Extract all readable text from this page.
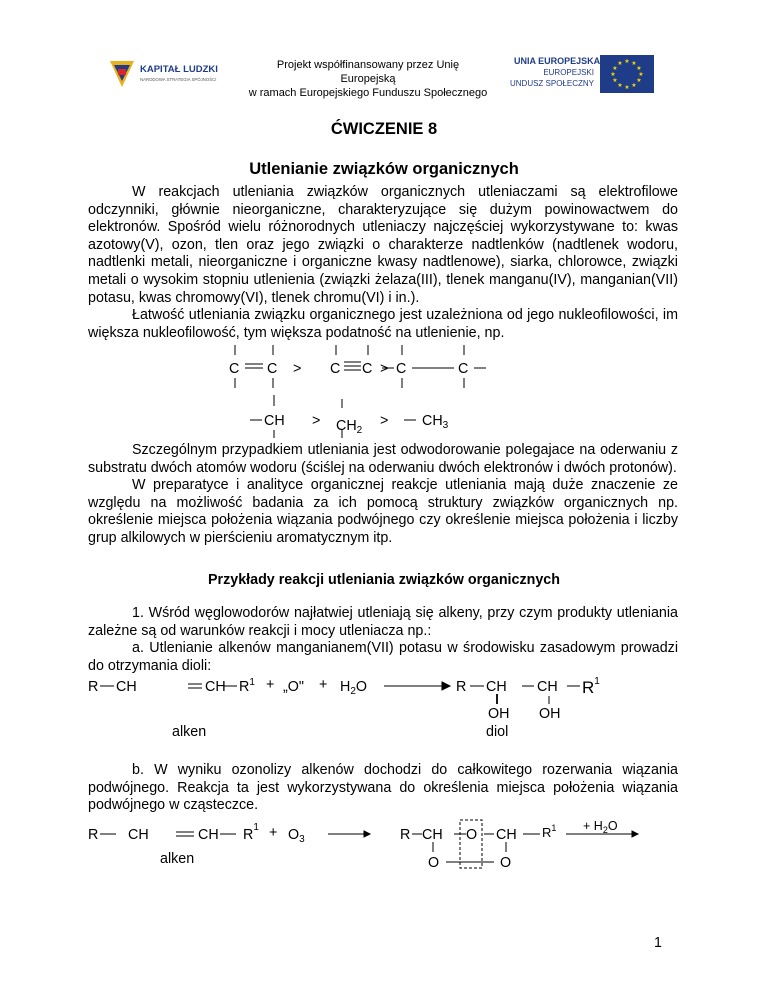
KAPITAŁ LUDZKI
NARODOWA STRATEGIA SPÓJNOŚCI
Projekt współfinansowany przez Unię Europejską
w ramach Europejskiego Funduszu Społecznego
UNIA EUROPEJSKA
EUROPEJSKI
FUNDUSZ SPOŁECZNY
★ ★
★
★
★
★
★
★
★
★
★
★
ĆWICZENIE 8
Utlenianie związków organicznych

W reakcjach utleniania związków organicznych utleniaczami są elektrofilowe odczynniki, głównie nieorganiczne, charakteryzujące się dużym powinowactwem do elektronów. Spośród wielu różnorodnych utleniaczy najczęściej wykorzystywane to: kwas azotowy(V), ozon, tlen oraz jego związki o charakterze nadtlenków (nadtlenek wodoru, nadtlenki metali, nieorganiczne i organiczne kwasy nadtlenowe), siarka, chlorowce, związki metali o wysokim stopniu utlenienia (związki żelaza(III), tlenek manganu(IV), manganian(VII) potasu, kwas chromowy(VI), tlenek chromu(VI) i in.).

Łatwość utleniania związku organicznego jest uzależniona od jego nukleofilowości, im większa nukleofilowość, tym większa podatność na utlenienie, np.

C C > C C > C	C
CH > $CH_2$
> $CH_3$

Szczególnym przypadkiem utleniania jest odwodorowanie polegajace na oderwaniu z substratu dwóch atomów wodoru (ściślej na oderwaniu dwóch elektronów i dwóch protonów).

W preparatyce i analityce organicznej reakcje utleniania mają duże znaczenie ze względu na możliwość badania za ich pomocą struktury związków organicznych np. określenie miejsca położenia wiązania podwójnego czy określenie miejsca położenia i liczby grup alkilowych w pierścieniu aromatycznym itp.

Przykłady reakcji utleniania związków organicznych

1. Wśród węglowodorów najłatwiej utleniają się alkeny, przy czym produkty utleniania zależne są od warunków reakcji i mocy utleniacza np.:

a. Utlenianie alkenów manganianem(VII) potasu w środowisku zasadowym prowadzi do otrzymania dioli:

R CH	CH $R^1$ + „O" + $H_2O$	R CH CH $R^1$
OH OH
alken	diol

b. W wyniku ozonolizy alkenów dochodzi do całkowitego rozerwania wiązania podwójnego. Reakcja ta jest wykorzystywana do określenia miejsca położenia wiązania podwójnego w cząsteczce.

R CH	CH $R^1 + O_3$	R CH O CH $R^1$
O	O
+ $H_2O$
alken
1
